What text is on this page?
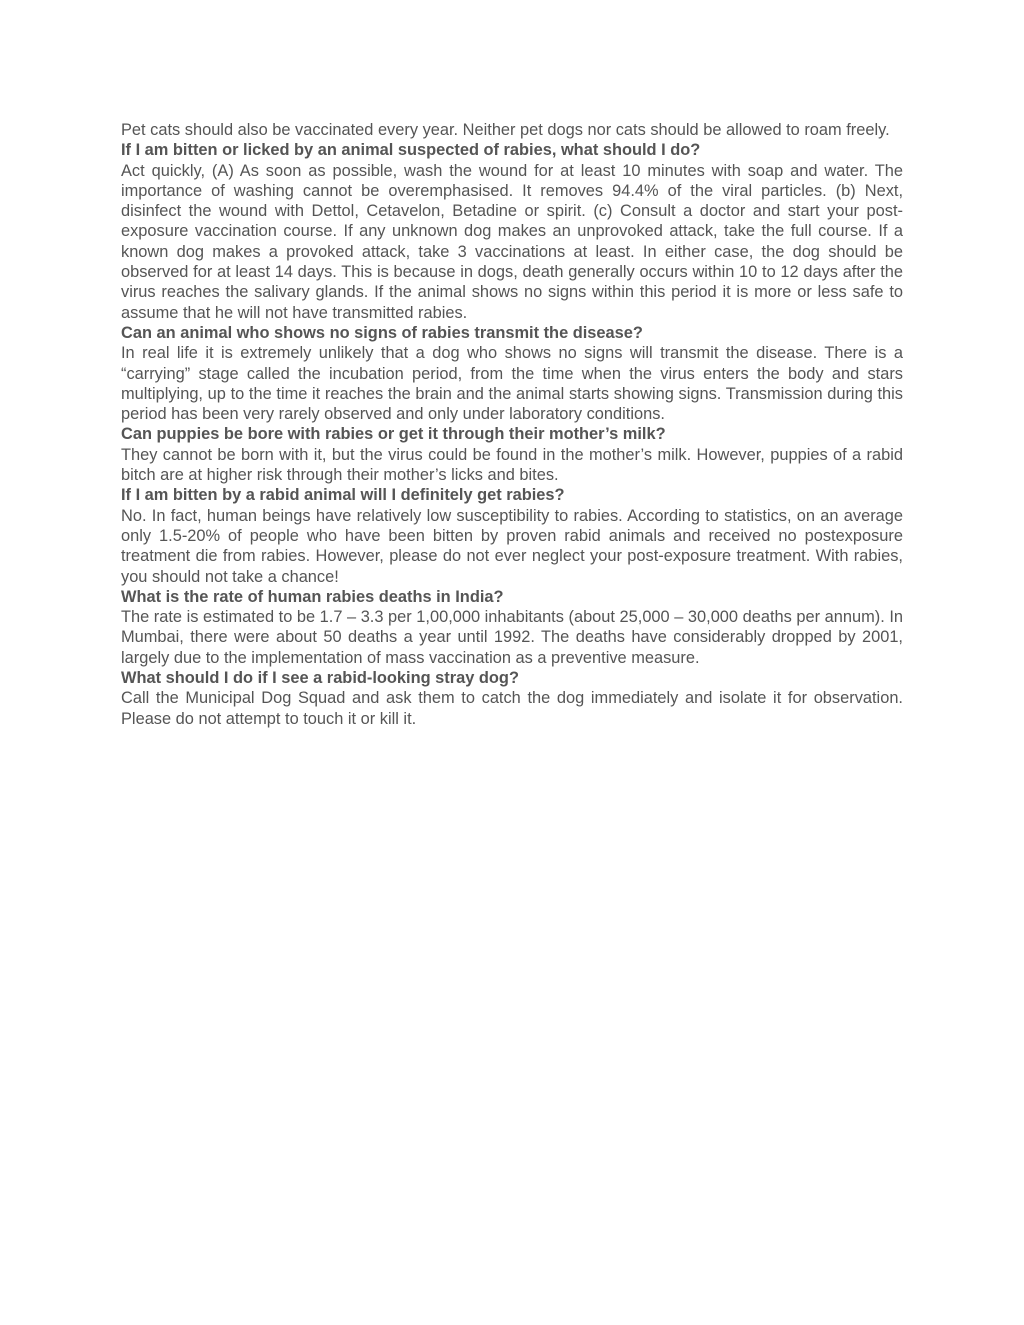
Pet cats should also be vaccinated every year. Neither pet dogs nor cats should be allowed to roam freely.

If I am bitten or licked by an animal suspected of rabies, what should I do?

Act quickly, (A) As soon as possible, wash the wound for at least 10 minutes with soap and water. The importance of washing cannot be overemphasised. It removes 94.4% of the viral particles. (b) Next, disinfect the wound with Dettol, Cetavelon, Betadine or spirit. (c) Consult a doctor and start your post-exposure vaccination course. If any unknown dog makes an unprovoked attack, take the full course. If a known dog makes a provoked attack, take 3 vaccinations at least. In either case, the dog should be observed for at least 14 days. This is because in dogs, death generally occurs within 10 to 12 days after the virus reaches the salivary glands. If the animal shows no signs within this period it is more or less safe to assume that he will not have transmitted rabies.

Can an animal who shows no signs of rabies transmit the disease?

In real life it is extremely unlikely that a dog who shows no signs will transmit the disease. There is a “carrying” stage called the incubation period, from the time when the virus enters the body and stars multiplying, up to the time it reaches the brain and the animal starts showing signs. Transmission during this period has been very rarely observed and only under laboratory conditions.

Can puppies be bore with rabies or get it through their mother’s milk?

They cannot be born with it, but the virus could be found in the mother’s milk. However, puppies of a rabid bitch are at higher risk through their mother’s licks and bites.

If I am bitten by a rabid animal will I definitely get rabies?

No. In fact, human beings have relatively low susceptibility to rabies. According to statistics, on an average only 1.5-20% of people who have been bitten by proven rabid animals and received no postexposure treatment die from rabies. However, please do not ever neglect your post-exposure treatment. With rabies, you should not take a chance!

What is the rate of human rabies deaths in India?

The rate is estimated to be 1.7 – 3.3 per 1,00,000 inhabitants (about 25,000 – 30,000 deaths per annum). In Mumbai, there were about 50 deaths a year until 1992. The deaths have considerably dropped by 2001, largely due to the implementation of mass vaccination as a preventive measure.

What should I do if I see a rabid-looking stray dog?

Call the Municipal Dog Squad and ask them to catch the dog immediately and isolate it for observation. Please do not attempt to touch it or kill it.
